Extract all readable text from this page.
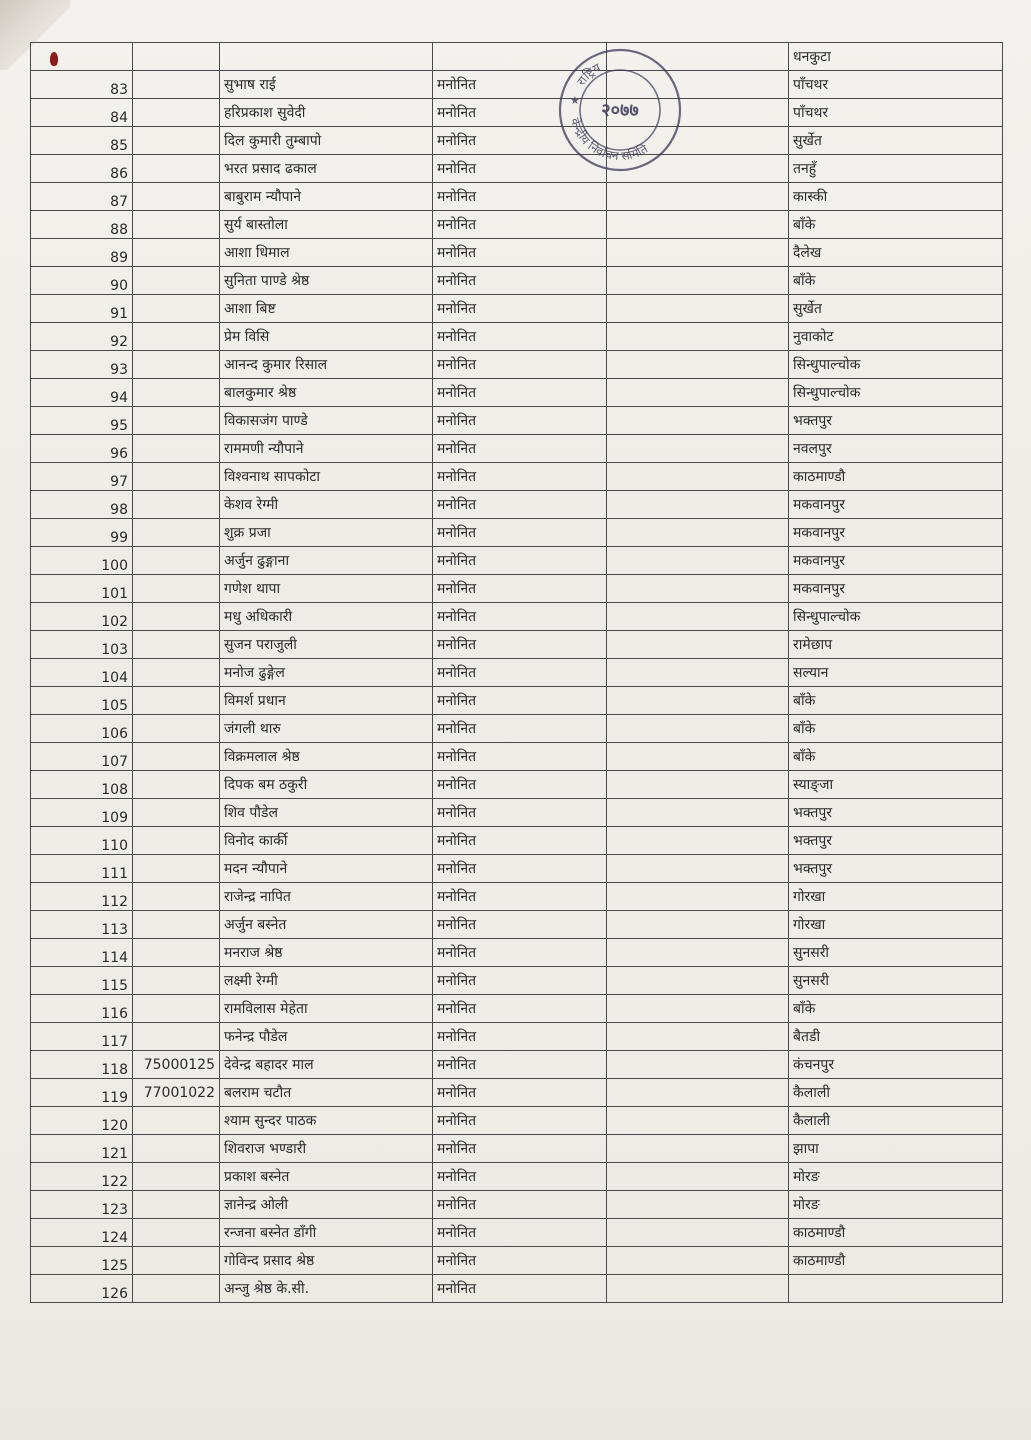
					धनकुटा
83		सुभाष राई	मनोनित		पाँचथर
84		हरिप्रकाश सुवेदी	मनोनित		पाँचथर
85		दिल कुमारी तुम्बापो	मनोनित		सुर्खेत
86		भरत प्रसाद ढकाल	मनोनित		तनहुँ
87		बाबुराम न्यौपाने	मनोनित		कास्की
88		सुर्य बास्तोला	मनोनित		बाँके
89		आशा धिमाल	मनोनित		दैलेख
90		सुनिता पाण्डे श्रेष्ठ	मनोनित		बाँके
91		आशा बिष्ट	मनोनित		सुर्खेत
92		प्रेम विसि	मनोनित		नुवाकोट
93		आनन्द कुमार रिसाल	मनोनित		सिन्धुपाल्चोक
94		बालकुमार श्रेष्ठ	मनोनित		सिन्धुपाल्चोक
95		विकासजंग पाण्डे	मनोनित		भक्तपुर
96		राममणी न्यौपाने	मनोनित		नवलपुर
97		विश्वनाथ सापकोटा	मनोनित		काठमाण्डौ
98		केशव रेग्मी	मनोनित		मकवानपुर
99		शुक्र प्रजा	मनोनित		मकवानपुर
100		अर्जुन ढुङ्गाना	मनोनित		मकवानपुर
101		गणेश थापा	मनोनित		मकवानपुर
102		मधु अधिकारी	मनोनित		सिन्धुपाल्चोक
103		सुजन पराजुली	मनोनित		रामेछाप
104		मनोज ढुङ्गेल	मनोनित		सल्यान
105		विमर्श प्रधान	मनोनित		बाँके
106		जंगली थारु	मनोनित		बाँके
107		विक्रमलाल श्रेष्ठ	मनोनित		बाँके
108		दिपक बम ठकुरी	मनोनित		स्याङ्जा
109		शिव पौडेल	मनोनित		भक्तपुर
110		विनोद कार्की	मनोनित		भक्तपुर
111		मदन न्यौपाने	मनोनित		भक्तपुर
112		राजेन्द्र नापित	मनोनित		गोरखा
113		अर्जुन बस्नेत	मनोनित		गोरखा
114		मनराज श्रेष्ठ	मनोनित		सुनसरी
115		लक्ष्मी रेग्मी	मनोनित		सुनसरी
116		रामविलास मेहेता	मनोनित		बाँके
117		फनेन्द्र पौडेल	मनोनित		बैतडी
118	75000125	देवेन्द्र बहादर माल	मनोनित		कंचनपुर
119	77001022	बलराम चटौत	मनोनित		कैलाली
120		श्याम सुन्दर पाठक	मनोनित		कैलाली
121		शिवराज भण्डारी	मनोनित		झापा
122		प्रकाश बस्नेत	मनोनित		मोरङ
123		ज्ञानेन्द्र ओली	मनोनित		मोरङ
124		रन्जना बस्नेत डाँगी	मनोनित		काठमाण्डौ
125		गोविन्द प्रसाद श्रेष्ठ	मनोनित		काठमाण्डौ
126		अन्जु श्रेष्ठ के.सी.	मनोनित		
राष्ट्रिय
केन्द्रीय निर्वाचन समिति
२०७७
★
